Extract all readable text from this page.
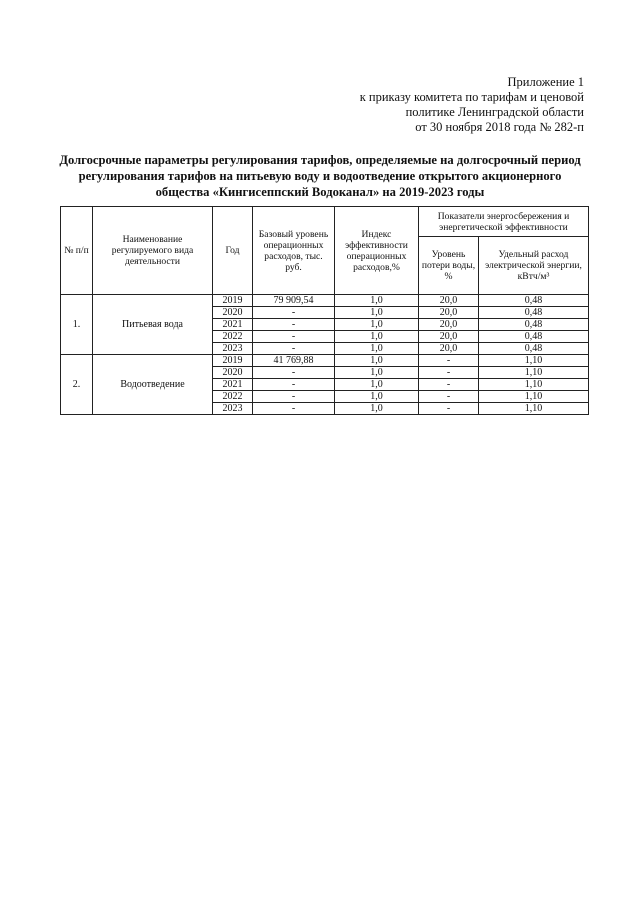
Приложение 1
к приказу комитета по тарифам и ценовой
политике Ленинградской области
от 30 ноября 2018 года № 282-п
Долгосрочные параметры регулирования тарифов, определяемые на долгосрочный период
регулирования тарифов на питьевую воду и водоотведение открытого акционерного
общества «Кингисеппский Водоканал» на 2019-2023 годы
№ п/п	Наименование регулируемого вида деятельности	Год	Базовый уровень операционных расходов, тыс. руб.	Индекс эффективности операционных расходов,%	Показатели энергосбережения и энергетической эффективности	
					Уровень потери воды, %	Удельный расход электрической энергии, кВтч/м³
1.	Питьевая вода	2019	79 909,54	1,0	20,0	0,48
		2020	-	1,0	20,0	0,48
		2021	-	1,0	20,0	0,48
		2022	-	1,0	20,0	0,48
		2023	-	1,0	20,0	0,48
2.	Водоотведение	2019	41 769,88	1,0	-	1,10
		2020	-	1,0	-	1,10
		2021	-	1,0	-	1,10
		2022	-	1,0	-	1,10
		2023	-	1,0	-	1,10
